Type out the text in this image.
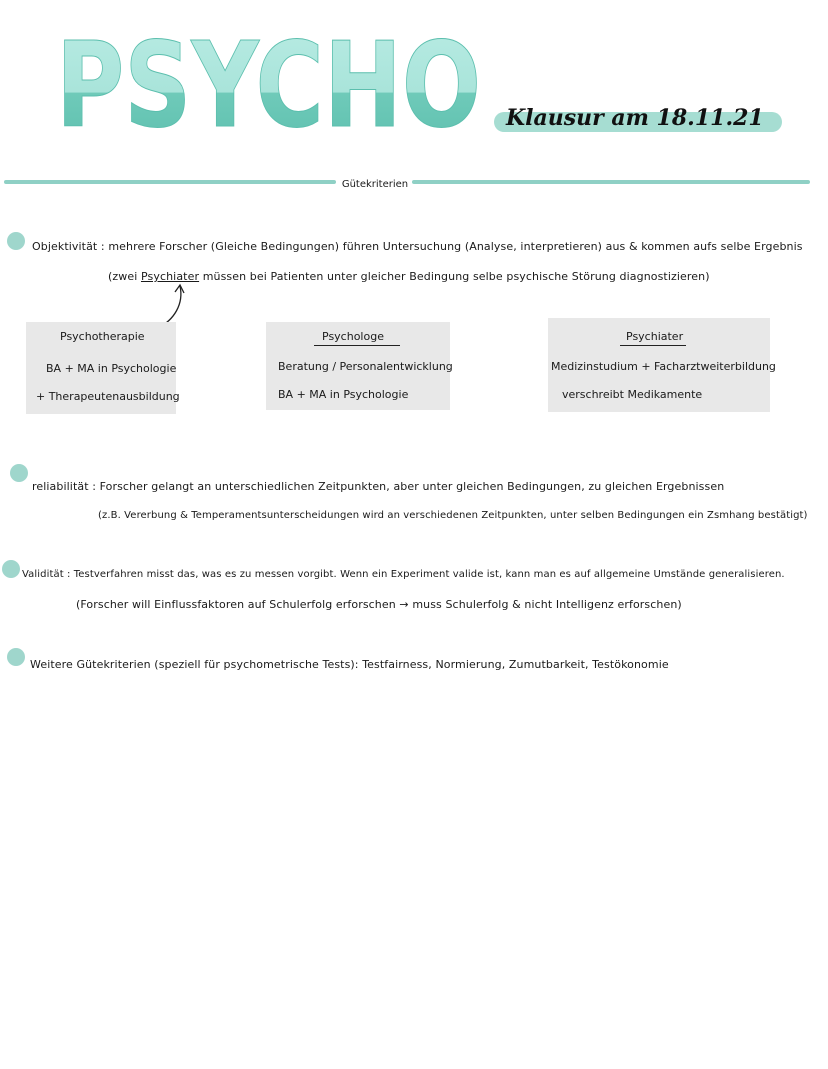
PSYCHO Klausur am 18.11.21
Gütekriterien
Objektivität : mehrere Forscher (Gleiche Bedingungen) führen Untersuchung (Analyse, interpretieren) aus & kommen aufs selbe Ergebnis
(zwei Psychiater müssen bei Patienten unter gleicher Bedingung selbe psychische Störung diagnostizieren)
Psychotherapie
BA + MA in Psychologie
+ Therapeutenausbildung
Psychologe
Beratung / Personalentwicklung
BA + MA in Psychologie
Psychiater
Medizinstudium + Facharztweiterbildung
verschreibt Medikamente
reliabilität : Forscher gelangt an unterschiedlichen Zeitpunkten, aber unter gleichen Bedingungen, zu gleichen Ergebnissen
(z.B. Vererbung & Temperamentsunterscheidungen wird an verschiedenen Zeitpunkten, unter selben Bedingungen ein Zsmhang bestätigt)
Validität : Testverfahren misst das, was es zu messen vorgibt. Wenn ein Experiment valide ist, kann man es auf allgemeine Umstände generalisieren.
(Forscher will Einflussfaktoren auf Schulerfolg erforschen → muss Schulerfolg & nicht Intelligenz erforschen)
Weitere Gütekriterien (speziell für psychometrische Tests): Testfairness, Normierung, Zumutbarkeit, Testökonomie
